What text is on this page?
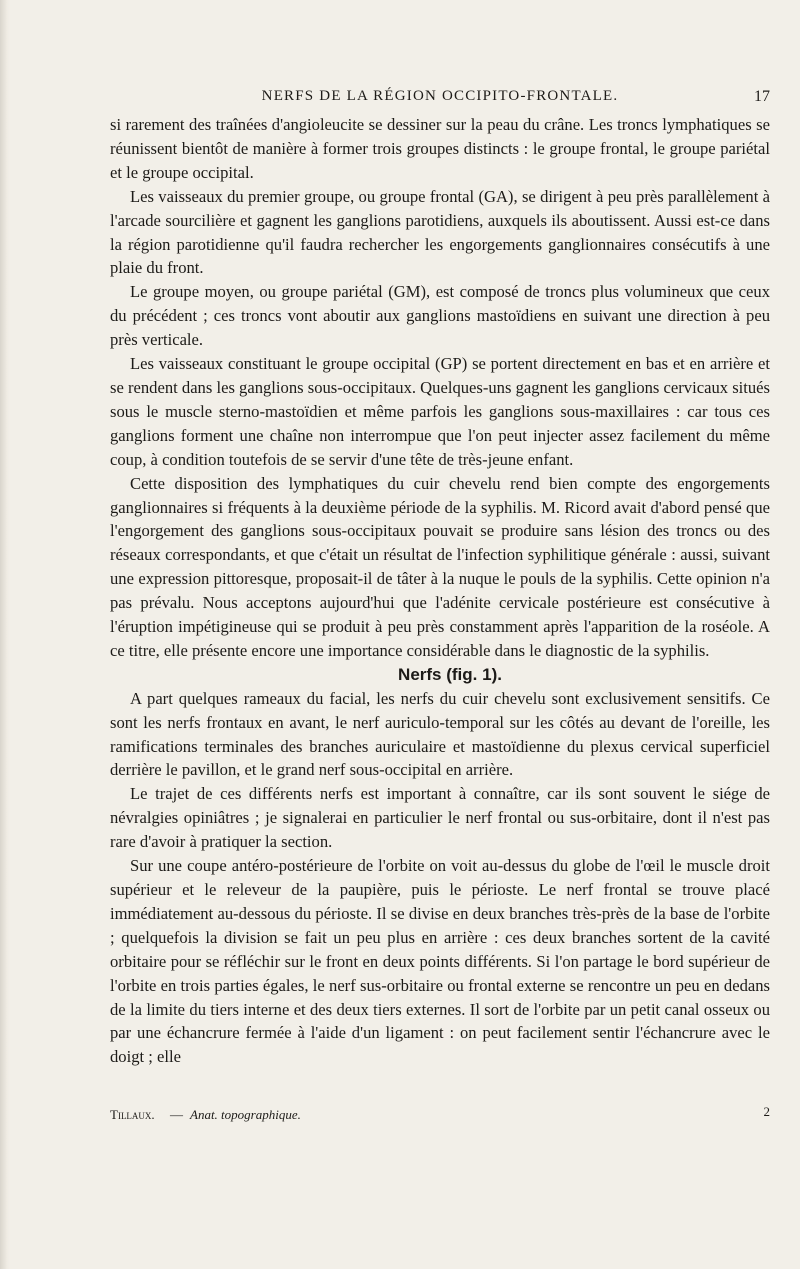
NERFS DE LA RÉGION OCCIPITO-FRONTALE.	17

si rarement des traînées d'angioleucite se dessiner sur la peau du crâne. Les troncs lymphatiques se réunissent bientôt de manière à former trois groupes distincts : le groupe frontal, le groupe pariétal et le groupe occipital.

Les vaisseaux du premier groupe, ou groupe frontal (GA), se dirigent à peu près parallèlement à l'arcade sourcilière et gagnent les ganglions parotidiens, auxquels ils aboutissent. Aussi est-ce dans la région parotidienne qu'il faudra rechercher les engorgements ganglionnaires consécutifs à une plaie du front.

Le groupe moyen, ou groupe pariétal (GM), est composé de troncs plus volumineux que ceux du précédent ; ces troncs vont aboutir aux ganglions mastoïdiens en suivant une direction à peu près verticale.

Les vaisseaux constituant le groupe occipital (GP) se portent directement en bas et en arrière et se rendent dans les ganglions sous-occipitaux. Quelques-uns gagnent les ganglions cervicaux situés sous le muscle sterno-mastoïdien et même parfois les ganglions sous-maxillaires : car tous ces ganglions forment une chaîne non interrompue que l'on peut injecter assez facilement du même coup, à condition toutefois de se servir d'une tête de très-jeune enfant.

Cette disposition des lymphatiques du cuir chevelu rend bien compte des engorgements ganglionnaires si fréquents à la deuxième période de la syphilis. M. Ricord avait d'abord pensé que l'engorgement des ganglions sous-occipitaux pouvait se produire sans lésion des troncs ou des réseaux correspondants, et que c'était un résultat de l'infection syphilitique générale : aussi, suivant une expression pittoresque, proposait-il de tâter à la nuque le pouls de la syphilis. Cette opinion n'a pas prévalu. Nous acceptons aujourd'hui que l'adénite cervicale postérieure est consécutive à l'éruption impétigineuse qui se produit à peu près constamment après l'apparition de la roséole. A ce titre, elle présente encore une importance considérable dans le diagnostic de la syphilis.

Nerfs (fig. 1).

A part quelques rameaux du facial, les nerfs du cuir chevelu sont exclusivement sensitifs. Ce sont les nerfs frontaux en avant, le nerf auriculo-temporal sur les côtés au devant de l'oreille, les ramifications terminales des branches auriculaire et mastoïdienne du plexus cervical superficiel derrière le pavillon, et le grand nerf sous-occipital en arrière.

Le trajet de ces différents nerfs est important à connaître, car ils sont souvent le siége de névralgies opiniâtres ; je signalerai en particulier le nerf frontal ou sus-orbitaire, dont il n'est pas rare d'avoir à pratiquer la section.

Sur une coupe antéro-postérieure de l'orbite on voit au-dessus du globe de l'œil le muscle droit supérieur et le releveur de la paupière, puis le périoste. Le nerf frontal se trouve placé immédiatement au-dessous du périoste. Il se divise en deux branches très-près de la base de l'orbite ; quelquefois la division se fait un peu plus en arrière : ces deux branches sortent de la cavité orbitaire pour se réfléchir sur le front en deux points différents. Si l'on partage le bord supérieur de l'orbite en trois parties égales, le nerf sus-orbitaire ou frontal externe se rencontre un peu en dedans de la limite du tiers interne et des deux tiers externes. Il sort de l'orbite par un petit canal osseux ou par une échancrure fermée à l'aide d'un ligament : on peut facilement sentir l'échancrure avec le doigt ; elle

Tillaux. — Anat. topographique.	2
